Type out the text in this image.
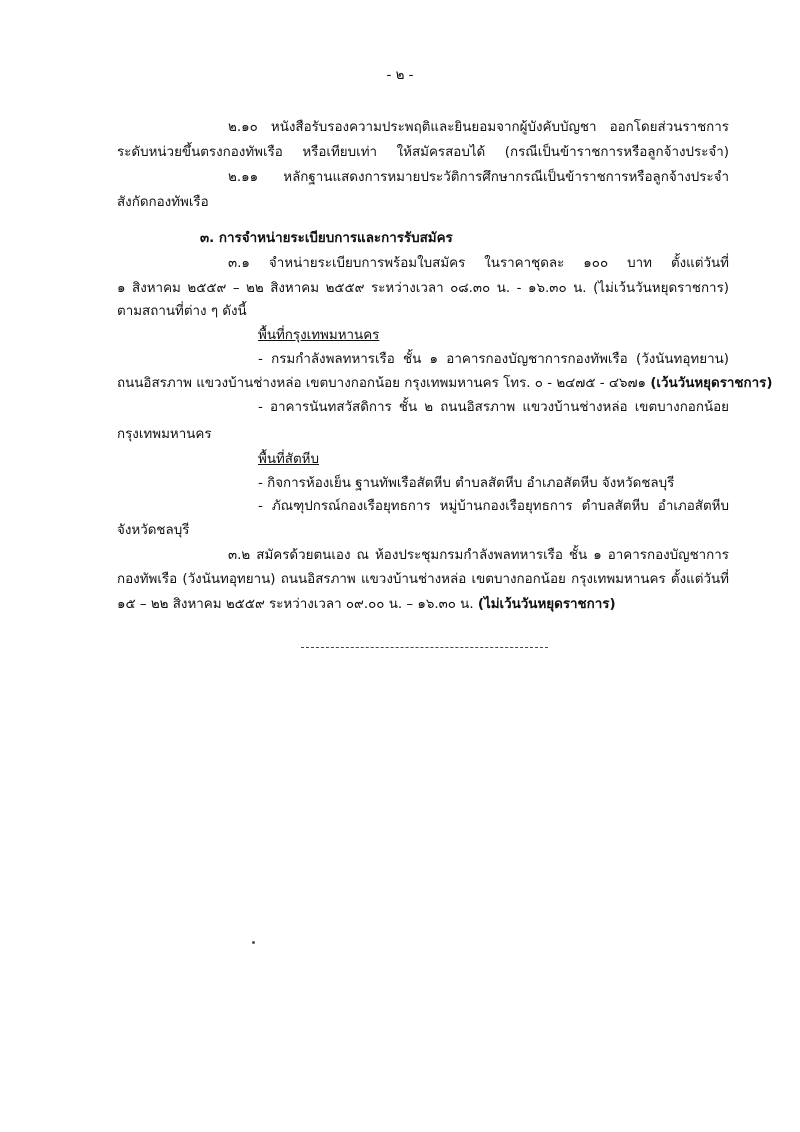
- ๒ -
๒.๑๐ หนังสือรับรองความประพฤติและยินยอมจากผู้บังคับบัญชา ออกโดยส่วนราชการ
ระดับหน่วยขึ้นตรงกองทัพเรือ หรือเทียบเท่า ให้สมัครสอบได้ (กรณีเป็นข้าราชการหรือลูกจ้างประจำ)
๒.๑๑ หลักฐานแสดงการหมายประวัติการศึกษากรณีเป็นข้าราชการหรือลูกจ้างประจำ
สังกัดกองทัพเรือ
๓. การจำหน่ายระเบียบการและการรับสมัคร
๓.๑ จำหน่ายระเบียบการพร้อมใบสมัคร ในราคาชุดละ ๑๐๐ บาท ตั้งแต่วันที่
๑ สิงหาคม ๒๕๕๙ – ๒๒ สิงหาคม ๒๕๕๙ ระหว่างเวลา ๐๘.๓๐ น. - ๑๖.๓๐ น. (ไม่เว้นวันหยุดราชการ)
ตามสถานที่ต่าง ๆ ดังนี้
พื้นที่กรุงเทพมหานคร
- กรมกำลังพลทหารเรือ ชั้น ๑ อาคารกองบัญชาการกองทัพเรือ (วังนันทอุทยาน)
ถนนอิสรภาพ แขวงบ้านช่างหล่อ เขตบางกอกน้อย กรุงเทพมหานคร โทร. ๐ - ๒๔๗๕ - ๔๖๗๑ (เว้นวันหยุดราชการ)
- อาคารนันทสวัสดิการ ชั้น ๒ ถนนอิสรภาพ แขวงบ้านช่างหล่อ เขตบางกอกน้อย
กรุงเทพมหานคร
พื้นที่สัตหีบ
- กิจการห้องเย็น ฐานทัพเรือสัตหีบ ตำบลสัตหีบ อำเภอสัตหีบ จังหวัดชลบุรี
- ภัณฑุปกรณ์กองเรือยุทธการ หมู่บ้านกองเรือยุทธการ ตำบลสัตหีบ อำเภอสัตหีบ
จังหวัดชลบุรี
๓.๒ สมัครด้วยตนเอง ณ ห้องประชุมกรมกำลังพลทหารเรือ ชั้น ๑ อาคารกองบัญชาการ
กองทัพเรือ (วังนันทอุทยาน) ถนนอิสรภาพ แขวงบ้านช่างหล่อ เขตบางกอกน้อย กรุงเทพมหานคร ตั้งแต่วันที่
๑๕ – ๒๒ สิงหาคม ๒๕๕๙ ระหว่างเวลา ๐๙.๐๐ น. – ๑๖.๓๐ น. (ไม่เว้นวันหยุดราชการ)
